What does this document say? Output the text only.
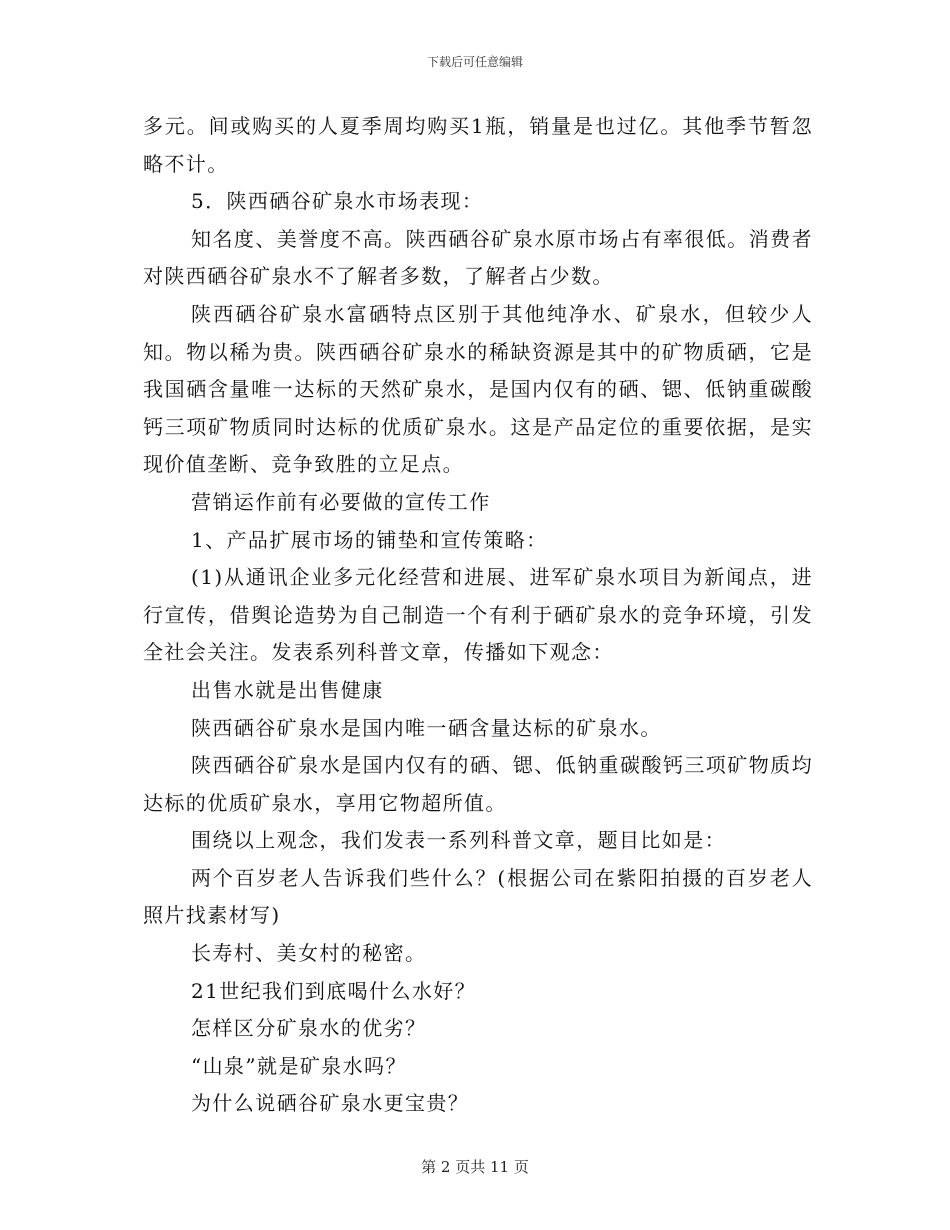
下载后可任意编辑

多元。间或购买的人夏季周均购买1瓶，销量是也过亿。其他季节暂忽略不计。

5．陕西硒谷矿泉水市场表现：

知名度、美誉度不高。陕西硒谷矿泉水原市场占有率很低。消费者对陕西硒谷矿泉水不了解者多数，了解者占少数。

陕西硒谷矿泉水富硒特点区别于其他纯净水、矿泉水，但较少人知。物以稀为贵。陕西硒谷矿泉水的稀缺资源是其中的矿物质硒，它是我国硒含量唯一达标的天然矿泉水，是国内仅有的硒、锶、低钠重碳酸钙三项矿物质同时达标的优质矿泉水。这是产品定位的重要依据，是实现价值垄断、竞争致胜的立足点。

营销运作前有必要做的宣传工作

1、产品扩展市场的铺垫和宣传策略：

(1)从通讯企业多元化经营和进展、进军矿泉水项目为新闻点，进行宣传，借舆论造势为自己制造一个有利于硒矿泉水的竞争环境，引发全社会关注。发表系列科普文章，传播如下观念：

出售水就是出售健康

陕西硒谷矿泉水是国内唯一硒含量达标的矿泉水。

陕西硒谷矿泉水是国内仅有的硒、锶、低钠重碳酸钙三项矿物质均达标的优质矿泉水，享用它物超所值。

围绕以上观念，我们发表一系列科普文章，题目比如是：

两个百岁老人告诉我们些什么？(根据公司在紫阳拍摄的百岁老人照片找素材写)

长寿村、美女村的秘密。

21世纪我们到底喝什么水好？

怎样区分矿泉水的优劣？

“山泉”就是矿泉水吗？

为什么说硒谷矿泉水更宝贵？

第 2 页共 11 页
